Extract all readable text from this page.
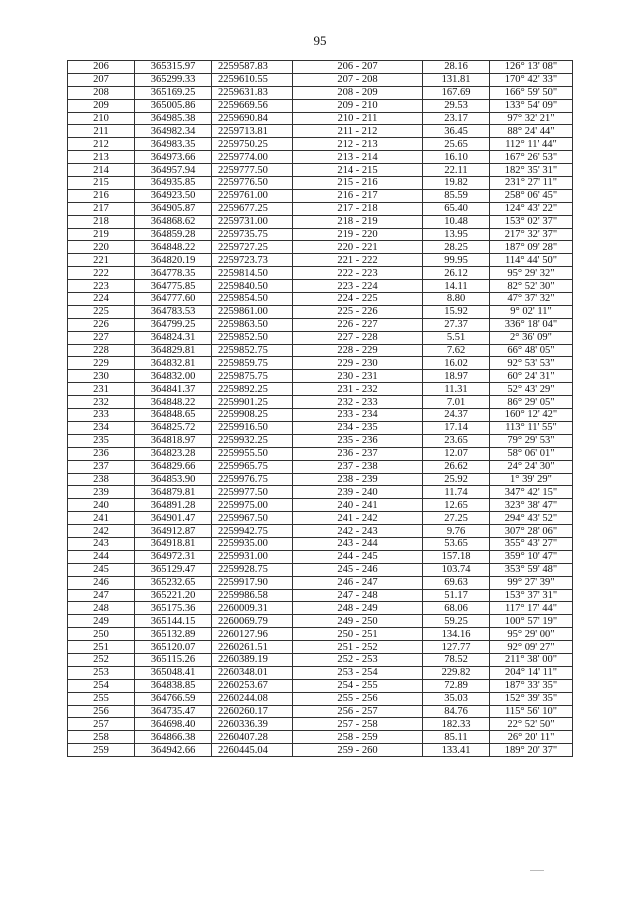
95
206	365315.97	2259587.83	206 - 207	28.16	126° 13' 08"
207	365299.33	2259610.55	207 - 208	131.81	170° 42' 33"
208	365169.25	2259631.83	208 - 209	167.69	166° 59' 50"
209	365005.86	2259669.56	209 - 210	29.53	133° 54' 09"
210	364985.38	2259690.84	210 - 211	23.17	97° 32' 21"
211	364982.34	2259713.81	211 - 212	36.45	88° 24' 44"
212	364983.35	2259750.25	212 - 213	25.65	112° 11' 44"
213	364973.66	2259774.00	213 - 214	16.10	167° 26' 53"
214	364957.94	2259777.50	214 - 215	22.11	182° 35' 31"
215	364935.85	2259776.50	215 - 216	19.82	231° 27' 11"
216	364923.50	2259761.00	216 - 217	85.59	258° 06' 45"
217	364905.87	2259677.25	217 - 218	65.40	124° 43' 22"
218	364868.62	2259731.00	218 - 219	10.48	153° 02' 37"
219	364859.28	2259735.75	219 - 220	13.95	217° 32' 37"
220	364848.22	2259727.25	220 - 221	28.25	187° 09' 28"
221	364820.19	2259723.73	221 - 222	99.95	114° 44' 50"
222	364778.35	2259814.50	222 - 223	26.12	95° 29' 32"
223	364775.85	2259840.50	223 - 224	14.11	82° 52' 30"
224	364777.60	2259854.50	224 - 225	8.80	47° 37' 32"
225	364783.53	2259861.00	225 - 226	15.92	9° 02' 11"
226	364799.25	2259863.50	226 - 227	27.37	336° 18' 04"
227	364824.31	2259852.50	227 - 228	5.51	2° 36' 09"
228	364829.81	2259852.75	228 - 229	7.62	66° 48' 05"
229	364832.81	2259859.75	229 - 230	16.02	92° 53' 53"
230	364832.00	2259875.75	230 - 231	18.97	60° 24' 31"
231	364841.37	2259892.25	231 - 232	11.31	52° 43' 29"
232	364848.22	2259901.25	232 - 233	7.01	86° 29' 05"
233	364848.65	2259908.25	233 - 234	24.37	160° 12' 42"
234	364825.72	2259916.50	234 - 235	17.14	113° 11' 55"
235	364818.97	2259932.25	235 - 236	23.65	79° 29' 53"
236	364823.28	2259955.50	236 - 237	12.07	58° 06' 01"
237	364829.66	2259965.75	237 - 238	26.62	24° 24' 30"
238	364853.90	2259976.75	238 - 239	25.92	1° 39' 29"
239	364879.81	2259977.50	239 - 240	11.74	347° 42' 15"
240	364891.28	2259975.00	240 - 241	12.65	323° 38' 47"
241	364901.47	2259967.50	241 - 242	27.25	294° 43' 52"
242	364912.87	2259942.75	242 - 243	9.76	307° 28' 06"
243	364918.81	2259935.00	243 - 244	53.65	355° 43' 27"
244	364972.31	2259931.00	244 - 245	157.18	359° 10' 47"
245	365129.47	2259928.75	245 - 246	103.74	353° 59' 48"
246	365232.65	2259917.90	246 - 247	69.63	99° 27' 39"
247	365221.20	2259986.58	247 - 248	51.17	153° 37' 31"
248	365175.36	2260009.31	248 - 249	68.06	117° 17' 44"
249	365144.15	2260069.79	249 - 250	59.25	100° 57' 19"
250	365132.89	2260127.96	250 - 251	134.16	95° 29' 00"
251	365120.07	2260261.51	251 - 252	127.77	92° 09' 27"
252	365115.26	2260389.19	252 - 253	78.52	211° 38' 00"
253	365048.41	2260348.01	253 - 254	229.82	204° 14' 11"
254	364838.85	2260253.67	254 - 255	72.89	187° 33' 35"
255	364766.59	2260244.08	255 - 256	35.03	152° 39' 35"
256	364735.47	2260260.17	256 - 257	84.76	115° 56' 10"
257	364698.40	2260336.39	257 - 258	182.33	22° 52' 50"
258	364866.38	2260407.28	258 - 259	85.11	26° 20' 11"
259	364942.66	2260445.04	259 - 260	133.41	189° 20' 37"
